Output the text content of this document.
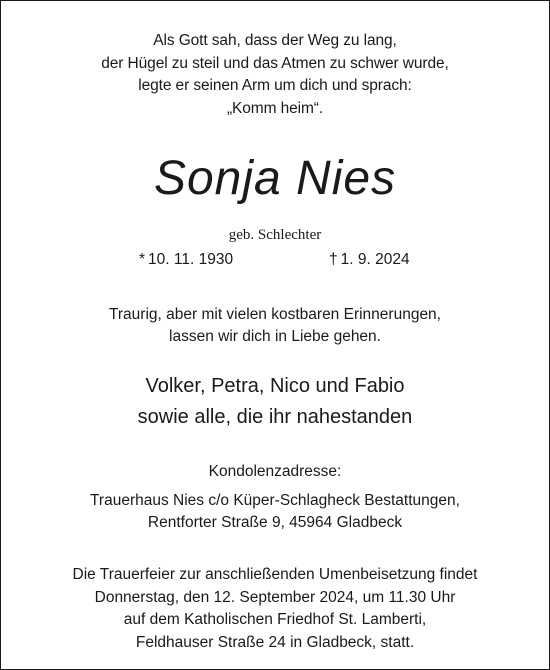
Als Gott sah, dass der Weg zu lang,
der Hügel zu steil und das Atmen zu schwer wurde,
legte er seinen Arm um dich und sprach:
„Komm heim“.

Sonja Nies

geb. Schlechter

* 10. 11. 1930	† 1. 9. 2024

Traurig, aber mit vielen kostbaren Erinnerungen,
lassen wir dich in Liebe gehen.

Volker, Petra, Nico und Fabio
sowie alle, die ihr nahestanden

Kondolenzadresse:

Trauerhaus Nies c/o Küper-Schlagheck Bestattungen,
Rentforter Straße 9, 45964 Gladbeck

Die Trauerfeier zur anschließenden Umenbeisetzung findet
Donnerstag, den 12. September 2024, um 11.30 Uhr
auf dem Katholischen Friedhof St. Lamberti,
Feldhauser Straße 24 in Gladbeck, statt.
